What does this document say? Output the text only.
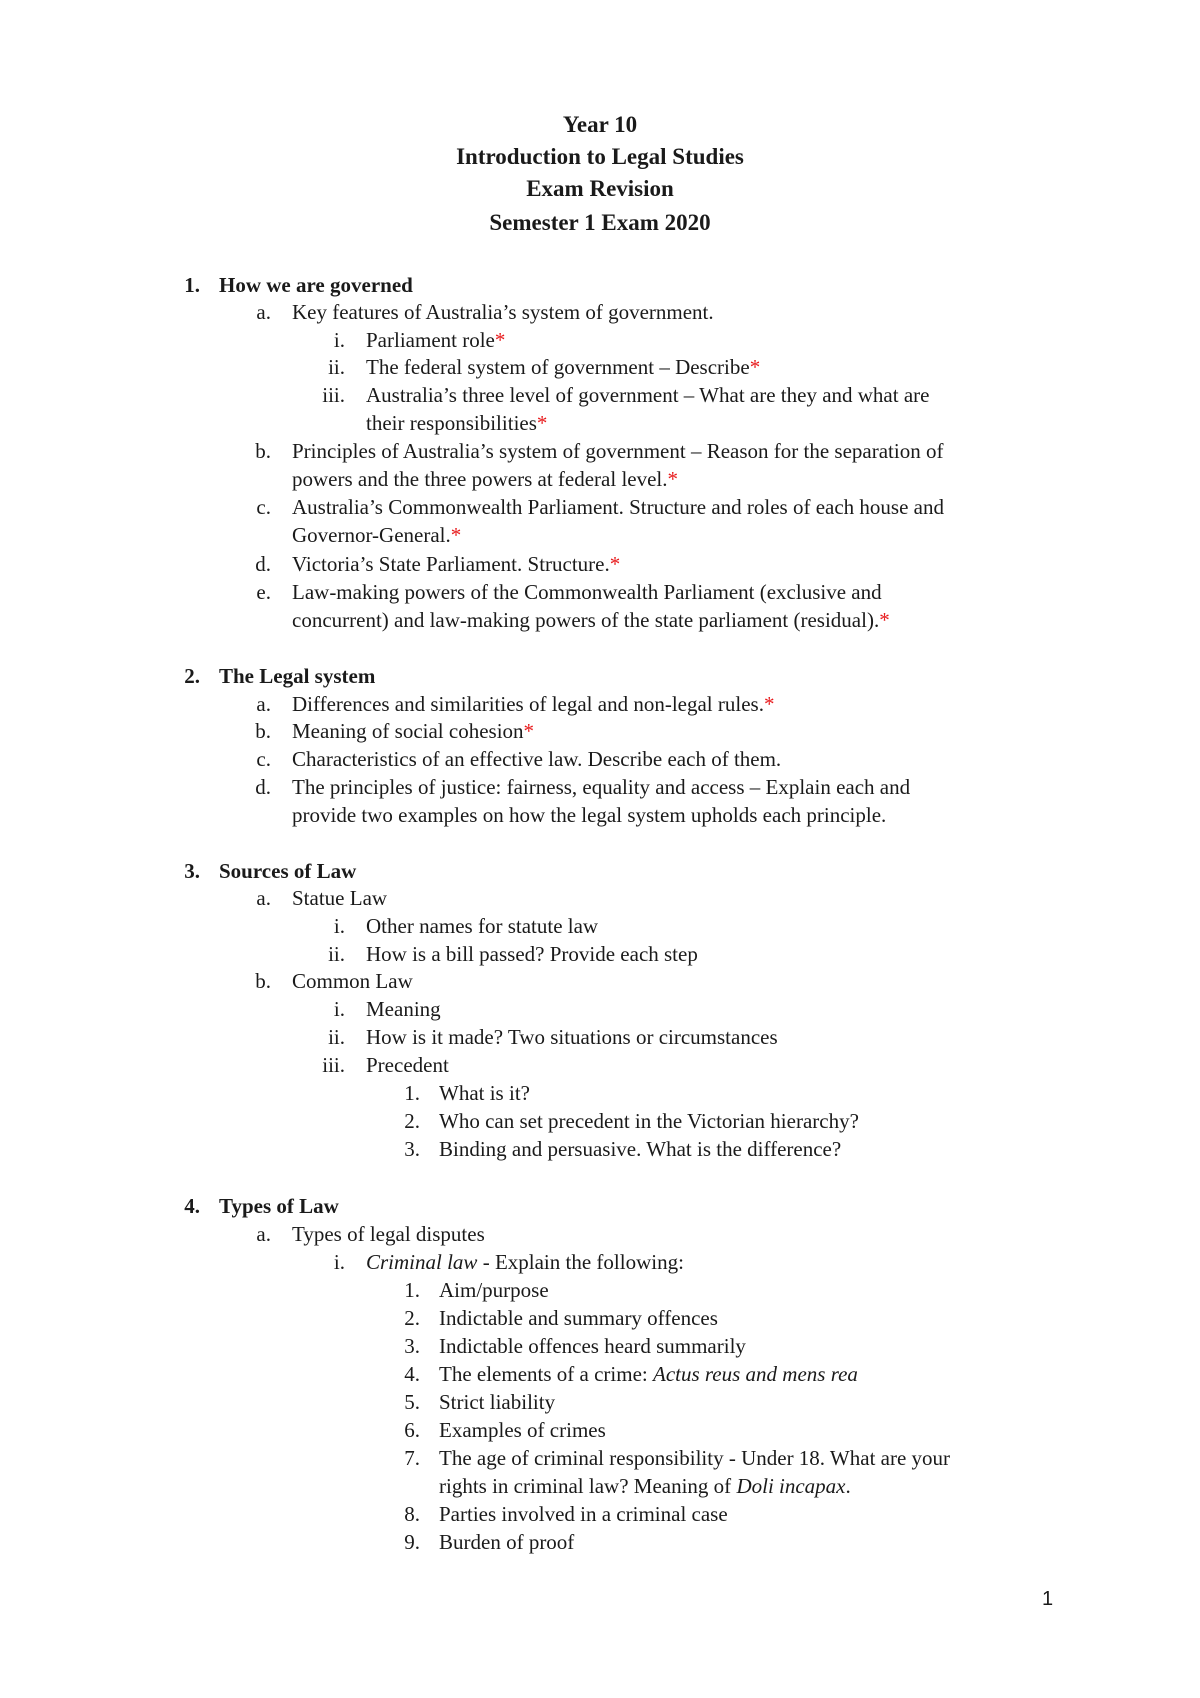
Year 10
Introduction to Legal Studies
Exam Revision
Semester 1 Exam 2020
1. How we are governed
a. Key features of Australia’s system of government.
i. Parliament role*
ii. The federal system of government – Describe*
iii. Australia’s three level of government – What are they and what are
their responsibilities*
b. Principles of Australia’s system of government – Reason for the separation of
powers and the three powers at federal level.*
c. Australia’s Commonwealth Parliament. Structure and roles of each house and
Governor-General.*
d. Victoria’s State Parliament. Structure.*
e. Law-making powers of the Commonwealth Parliament (exclusive and
concurrent) and law-making powers of the state parliament (residual).*
2. The Legal system
a. Differences and similarities of legal and non-legal rules.*
b. Meaning of social cohesion*
c. Characteristics of an effective law. Describe each of them.
d. The principles of justice: fairness, equality and access – Explain each and
provide two examples on how the legal system upholds each principle.
3. Sources of Law
a. Statue Law
i. Other names for statute law
ii. How is a bill passed? Provide each step
b. Common Law
i. Meaning
ii. How is it made? Two situations or circumstances
iii. Precedent
1. What is it?
2. Who can set precedent in the Victorian hierarchy?
3. Binding and persuasive. What is the difference?
4. Types of Law
a. Types of legal disputes
i. Criminal law - Explain the following:
1. Aim/purpose
2. Indictable and summary offences
3. Indictable offences heard summarily
4. The elements of a crime: Actus reus and mens rea
5. Strict liability
6. Examples of crimes
7. The age of criminal responsibility - Under 18. What are your
rights in criminal law? Meaning of Doli incapax.
8. Parties involved in a criminal case
9. Burden of proof
1
